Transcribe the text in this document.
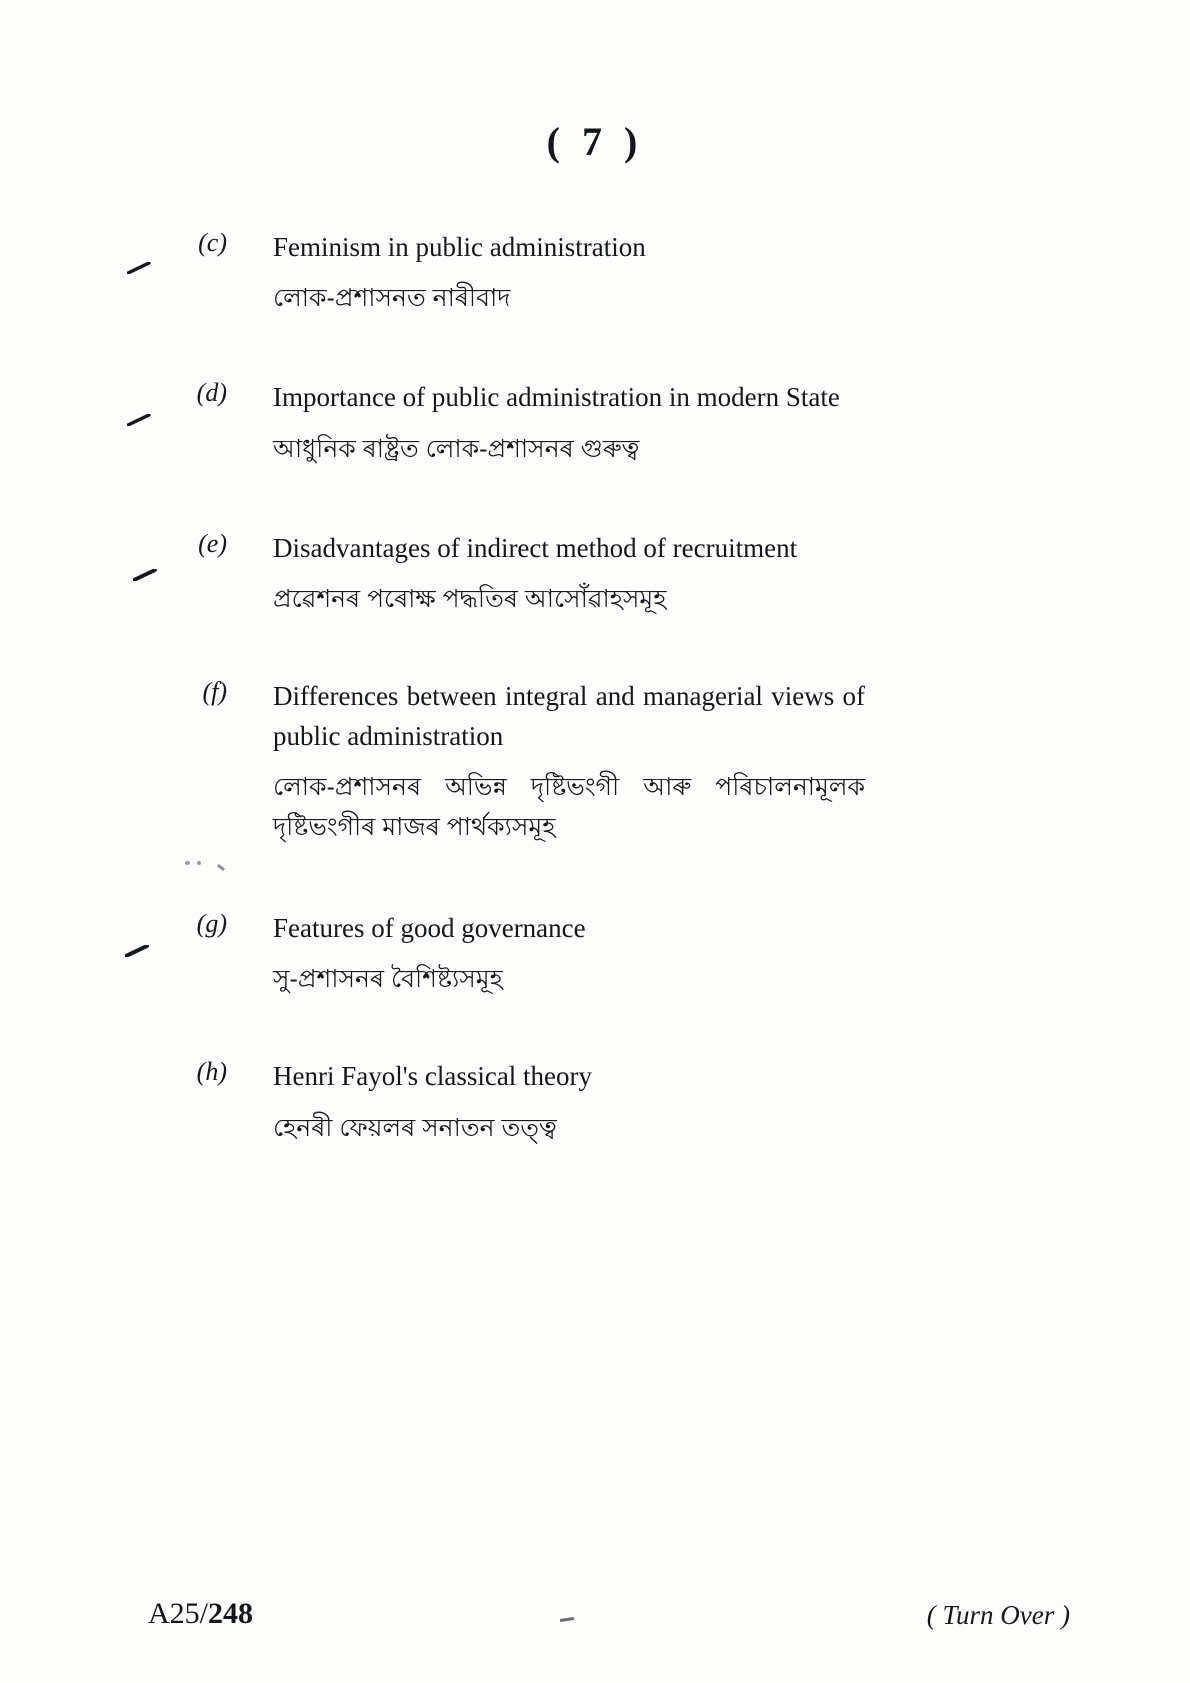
( 7 )
(c) Feminism in public administration
লোক-প্ৰশাসনত নাৰীবাদ
(d) Importance of public administration in modern State
আধুনিক ৰাষ্ট্ৰত লোক-প্ৰশাসনৰ গুৰুত্ব
(e) Disadvantages of indirect method of recruitment
প্ৰৱেশনৰ পৰোক্ষ পদ্ধতিৰ আসোঁৱাহসমূহ
(f) Differences between integral and managerial views of public administration
লোক-প্ৰশাসনৰ অভিন্ন দৃষ্টিভংগী আৰু পৰিচালনামূলক দৃষ্টিভংগীৰ মাজৰ পাৰ্থক্যসমূহ
(g) Features of good governance
সু-প্ৰশাসনৰ বৈশিষ্ট্যসমূহ
(h) Henri Fayol's classical theory
হেনৰী ফেয়লৰ সনাতন তত্ত্ব
A25/248	( Turn Over )
